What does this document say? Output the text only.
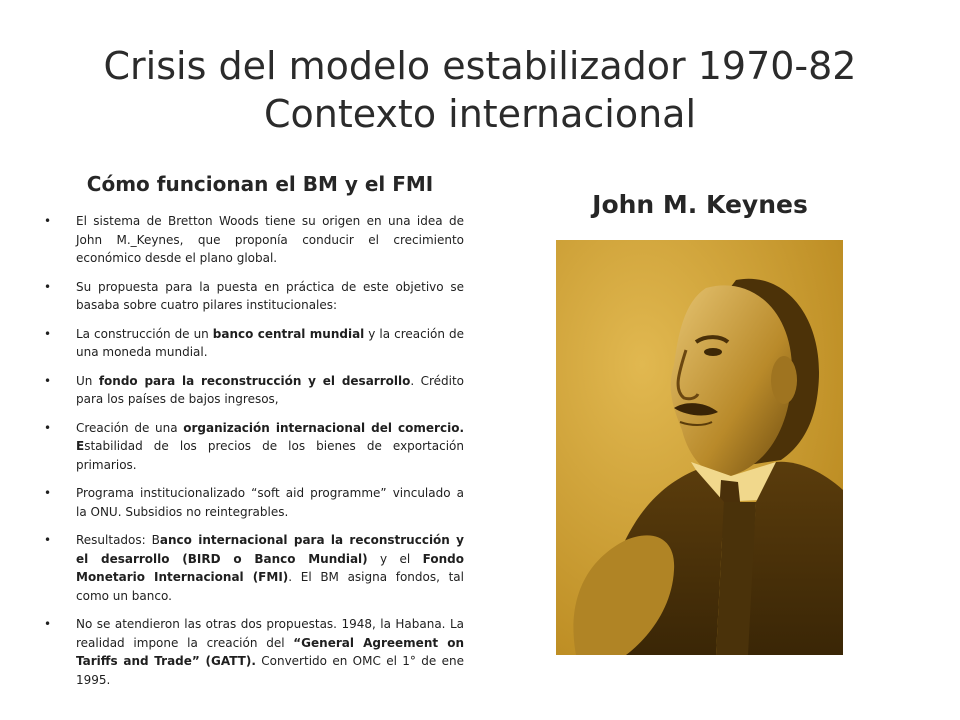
Crisis del modelo estabilizador 1970-82
Contexto internacional
Cómo funcionan el BM y el FMI
• El sistema de Bretton Woods tiene su origen en una idea de John M._Keynes, que proponía conducir el crecimiento económico desde el plano global.
• Su propuesta para la puesta en práctica de este objetivo se basaba sobre cuatro pilares institucionales:
• La construcción de un banco central mundial y la creación de una moneda mundial.
• Un fondo para la reconstrucción y el desarrollo. Crédito para los países de bajos ingresos,
• Creación de una organización internacional del comercio. Estabilidad de los precios de los bienes de exportación primarios.
• Programa institucionalizado “soft aid programme” vinculado a la ONU. Subsidios no reintegrables.
• Resultados: Banco internacional para la reconstrucción y el desarrollo (BIRD o Banco Mundial) y el Fondo Monetario Internacional (FMI). El BM asigna fondos, tal como un banco.
• No se atendieron las otras dos propuestas. 1948, la Habana. La realidad impone la creación del “General Agreement on Tariffs and Trade” (GATT). Convertido en OMC el 1° de ene 1995.
John M. Keynes
